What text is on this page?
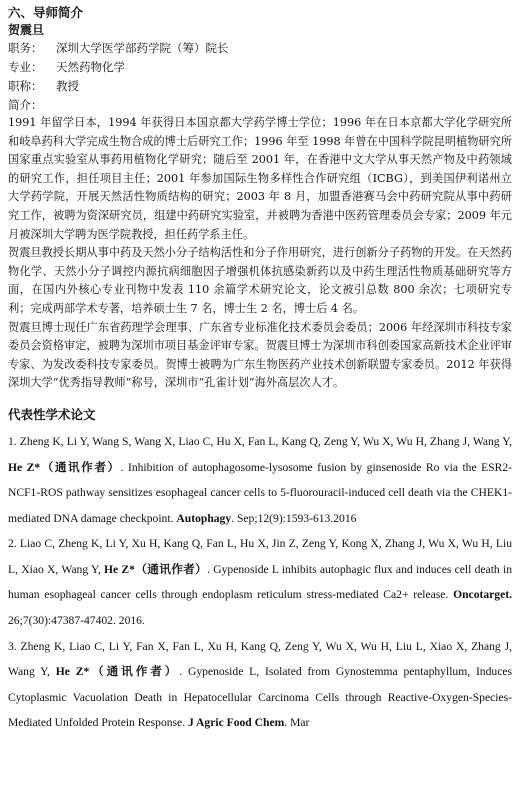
六、导师简介
贺震旦
职务：	深圳大学医学部药学院（筹）院长
专业：	天然药物化学
职称：	教授
简介：

1991 年留学日本，1994 年获得日本国京都大学药学博士学位；1996 年在日本京都大学化学研究所和岐阜药科大学完成生物合成的博士后研究工作；1996 年至 1998 年曾在中国科学院昆明植物研究所国家重点实验室从事药用植物化学研究；随后至 2001 年，在香港中文大学从事天然产物及中药领域的研究工作，担任项目主任；2001 年参加国际生物多样性合作研究组（ICBG），到美国伊利诺州立大学药学院，开展天然活性物质结构的研究；2003 年 8 月，加盟香港赛马会中药研究院从事中药研究工作，被聘为资深研究员，组建中药研究实验室，并被聘为香港中医药管理委员会专家；2009 年元月被深圳大学聘为医学院教授，担任药学系主任。

贺震旦教授长期从事中药及天然小分子结构活性和分子作用研究，进行创新分子药物的开发。在天然药物化学、天然小分子调控内源抗病细胞因子增强机体抗感染新药以及中药生理活性物质基础研究等方面，在国内外核心专业刊物中发表 110 余篇学术研究论文，论文被引总数 800 余次；七项研究专利；完成两部学术专著，培养硕士生 7 名，博士生 2 名，博士后 4 名。

贺震旦博士现任广东省药理学会理事、广东省专业标准化技术委员会委员；2006 年经深圳市科技专家委员会资格审定，被聘为深圳市项目基金评审专家。贺震旦博士为深圳市科创委国家高新技术企业评审专家、为发改委科技专家委员。贺博士被聘为广东生物医药产业技术创新联盟专家委员。2012 年获得深圳大学“优秀指导教师”称号，深圳市“孔雀计划”海外高层次人才。

代表性学术论文

1. Zheng K, Li Y, Wang S, Wang X, Liao C, Hu X, Fan L, Kang Q, Zeng Y, Wu X, Wu H, Zhang J, Wang Y, He Z*（通讯作者）. Inhibition of autophagosome-lysosome fusion by ginsenoside Ro via the ESR2-NCF1-ROS pathway sensitizes esophageal cancer cells to 5-fluorouracil-induced cell death via the CHEK1-mediated DNA damage checkpoint. Autophagy. Sep;12(9):1593-613.2016

2. Liao C, Zheng K, Li Y, Xu H, Kang Q, Fan L, Hu X, Jin Z, Zeng Y, Kong X, Zhang J, Wu X, Wu H, Liu L, Xiao X, Wang Y, He Z*（通讯作者）. Gypenoside L inhibits autophagic flux and induces cell death in human esophageal cancer cells through endoplasm reticulum stress-mediated Ca2+ release. Oncotarget. 26;7(30):47387-47402. 2016.

3. Zheng K, Liao C, Li Y, Fan X, Fan L, Xu H, Kang Q, Zeng Y, Wu X, Wu H, Liu L, Xiao X, Zhang J, Wang Y, He Z*（通讯作者）. Gypenoside L, Isolated from Gynostemma pentaphyllum, Induces Cytoplasmic Vacuolation Death in Hepatocellular Carcinoma Cells through Reactive-Oxygen-Species-Mediated Unfolded Protein Response. J Agric Food Chem. Mar
